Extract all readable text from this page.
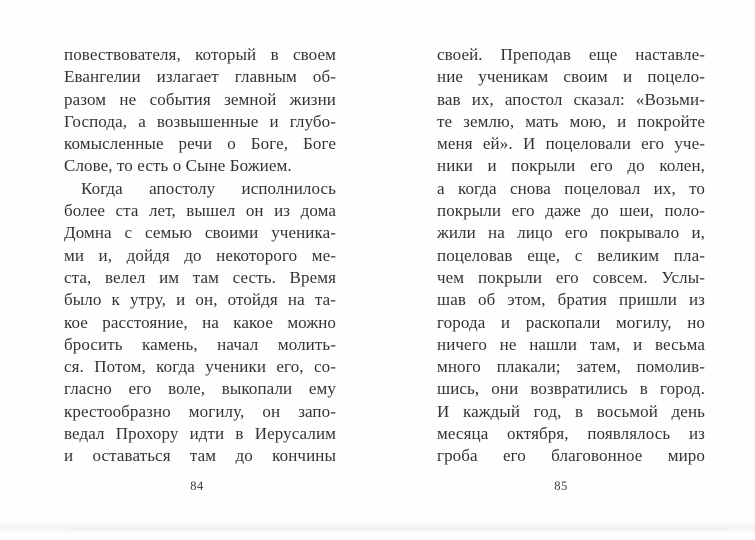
повествователя, который в своем
Евангелии излагает главным об-
разом не события земной жизни
Господа, а возвышенные и глубо-
комысленные речи о Боге, Боге
Слове, то есть о Сыне Божием.
Когда апостолу исполнилось
более ста лет, вышел он из дома
Домна с семью своими ученика-
ми и, дойдя до некоторого ме-
ста, велел им там сесть. Время
было к утру, и он, отойдя на та-
кое расстояние, на какое можно
бросить камень, начал молить-
ся. Потом, когда ученики его, со-
гласно его воле, выкопали ему
крестообразно могилу, он запо-
ведал Прохору идти в Иерусалим
и оставаться там до кончины
своей. Преподав еще наставле-
ние ученикам своим и поцело-
вав их, апостол сказал: «Возьми-
те землю, мать мою, и покройте
меня ей». И поцеловали его уче-
ники и покрыли его до колен,
а когда снова поцеловал их, то
покрыли его даже до шеи, поло-
жили на лицо его покрывало и,
поцеловав еще, с великим пла-
чем покрыли его совсем. Услы-
шав об этом, братия пришли из
города и раскопали могилу, но
ничего не нашли там, и весьма
много плакали; затем, помолив-
шись, они возвратились в город.
И каждый год, в восьмой день
месяца октября, появлялось из
гроба его благовонное миро
84	85
